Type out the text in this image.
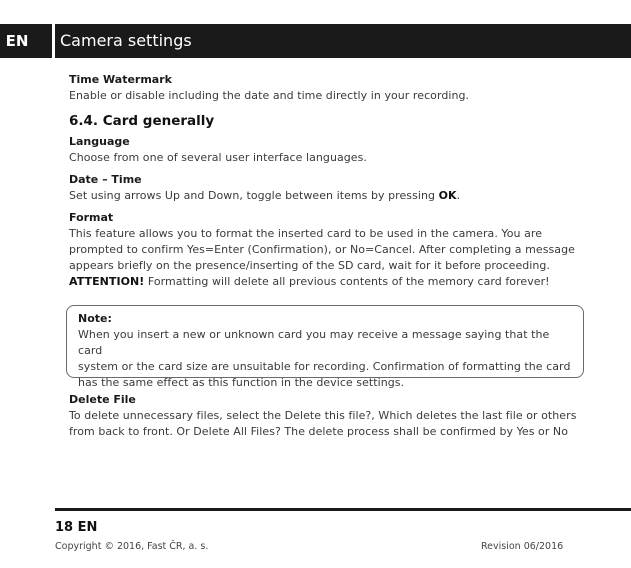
EN	Camera settings

Time Watermark

Enable or disable including the date and time directly in your recording.

6.4. Card generally

Language

Choose from one of several user interface languages.

Date – Time

Set using arrows Up and Down, toggle between items by pressing OK.

Format

This feature allows you to format the inserted card to be used in the camera. You are

prompted to confirm Yes=Enter (Confirmation), or No=Cancel. After completing a message

appears briefly on the presence/inserting of the SD card, wait for it before proceeding.

ATTENTION! Formatting will delete all previous contents of the memory card forever!

Note:

When you insert a new or unknown card you may receive a message saying that the card

system or the card size are unsuitable for recording. Confirmation of formatting the card

has the same effect as this function in the device settings.

Delete File

To delete unnecessary files, select the Delete this file?, Which deletes the last file or others

from back to front. Or Delete All Files? The delete process shall be confirmed by Yes or No

18 EN
Copyright © 2016, Fast ČR, a. s.	Revision 06/2016
